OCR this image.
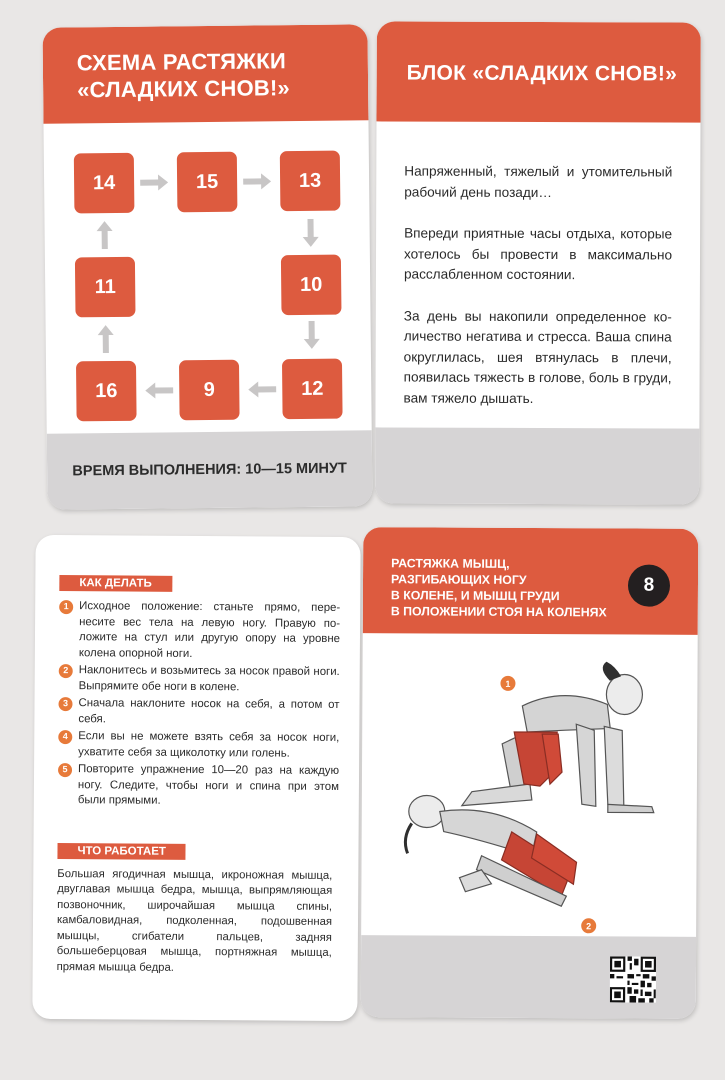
СХЕМА РАСТЯЖКИ
«СЛАДКИХ СНОВ!»
14	15	13
10
12
9
16
11
ВРЕМЯ ВЫПОЛНЕНИЯ: 10—15 МИНУТ
БЛОК «СЛАДКИХ СНОВ!»

Напряженный, тяжелый и утомительный рабочий день позади…

Впереди приятные часы отдыха, которые хотелось бы провести в максимально расслабленном состоянии.

За день вы накопили определенное количество негатива и стресса. Ваша спина округлилась, шея втянулась в плечи, появилась тяжесть в голове, боль в груди, вам тяжело дышать.

КАК ДЕЛАТЬ
1 Исходное положение: станьте прямо, перенесите вес тела на левую ногу. Правую положите на стул или другую опору на уровне колена опорной ноги.
2 Наклонитесь и возьмитесь за носок правой ноги. Выпрямите обе ноги в колене.
3 Сначала наклоните носок на себя, а потом от себя.
4 Если вы не можете взять себя за носок ноги, ухватите себя за щиколотку или голень.
5 Повторите упражнение 10—20 раз на каждую ногу. Следите, чтобы ноги и спина при этом были прямыми.
ЧТО РАБОТАЕТ
Большая ягодичная мышца, икроножная мышца, двуглавая мышца бедра, мышца, выпрямляющая позвоночник, широчайшая мышца спины, камбаловидная, подколенная, подошвенная мышцы, сгибатели пальцев, задняя большеберцовая мышца, портняжная мышца, прямая мышца бедра.
РАСТЯЖКА МЫШЦ,
РАЗГИБАЮЩИХ НОГУ
В КОЛЕНЕ, И МЫШЦ ГРУДИ
В ПОЛОЖЕНИИ СТОЯ НА КОЛЕНЯХ
8
1
2
